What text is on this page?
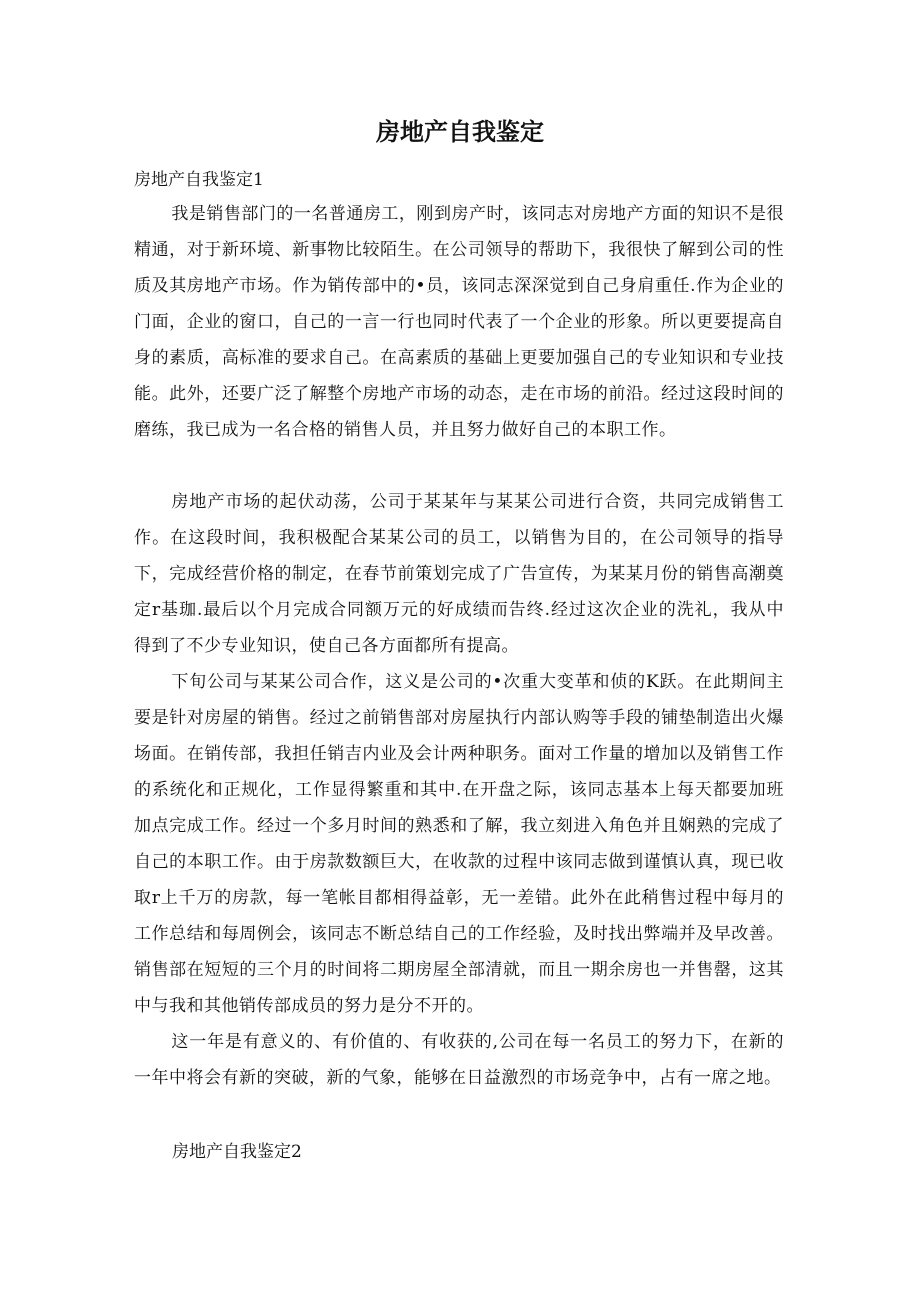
房地产自我鉴定

房地产自我鉴定1

我是销售部门的一名普通房工，刚到房产时，该同志对房地产方面的知识不是很精通，对于新环境、新事物比较陌生。在公司领导的帮助下，我很快了解到公司的性质及其房地产市场。作为销传部中的•员，该同志深深觉到自己身肩重任.作为企业的门面，企业的窗口，自己的一言一行也同时代表了一个企业的形象。所以更要提高自身的素质，高标准的要求自己。在高素质的基础上更要加强自己的专业知识和专业技能。此外，还要广泛了解整个房地产市场的动态，走在市场的前沿。经过这段时间的磨练，我已成为一名合格的销售人员，并且努力做好自己的本职工作。

房地产市场的起伏动荡，公司于某某年与某某公司进行合资，共同完成销售工作。在这段时间，我积极配合某某公司的员工，以销售为目的，在公司领导的指导下，完成经营价格的制定，在春节前策划完成了广告宣传，为某某月份的销售高潮奠定r基珈.最后以个月完成合同额万元的好成绩而告终.经过这次企业的洗礼，我从中得到了不少专业知识，使自己各方面都所有提高。

下旬公司与某某公司合作，这义是公司的•次重大变革和侦的K跃。在此期间主要是针对房屋的销售。经过之前销售部对房屋执行内部认购等手段的铺垫制造出火爆场面。在销传部，我担任销吉内业及会计两种职务。面对工作量的增加以及销售工作的系统化和正规化，工作显得繁重和其中.在开盘之际，该同志基本上每天都要加班加点完成工作。经过一个多月时间的熟悉和了解，我立刻进入角色并且娴熟的完成了自己的本职工作。由于房款数额巨大，在收款的过程中该同志做到谨慎认真，现已收取r上千万的房款，每一笔帐目都相得益彰，无一差错。此外在此稍售过程中每月的工作总结和每周例会，该同志不断总结自己的工作经验，及时找出弊端并及早改善。销售部在短短的三个月的时间将二期房屋全部清就，而且一期余房也一并售罄，这其中与我和其他销传部成员的努力是分不开的。

这一年是有意义的、有价值的、有收获的,公司在每一名员工的努力下，在新的一年中将会有新的突破，新的气象，能够在日益激烈的市场竞争中，占有一席之地。

房地产自我鉴定2
